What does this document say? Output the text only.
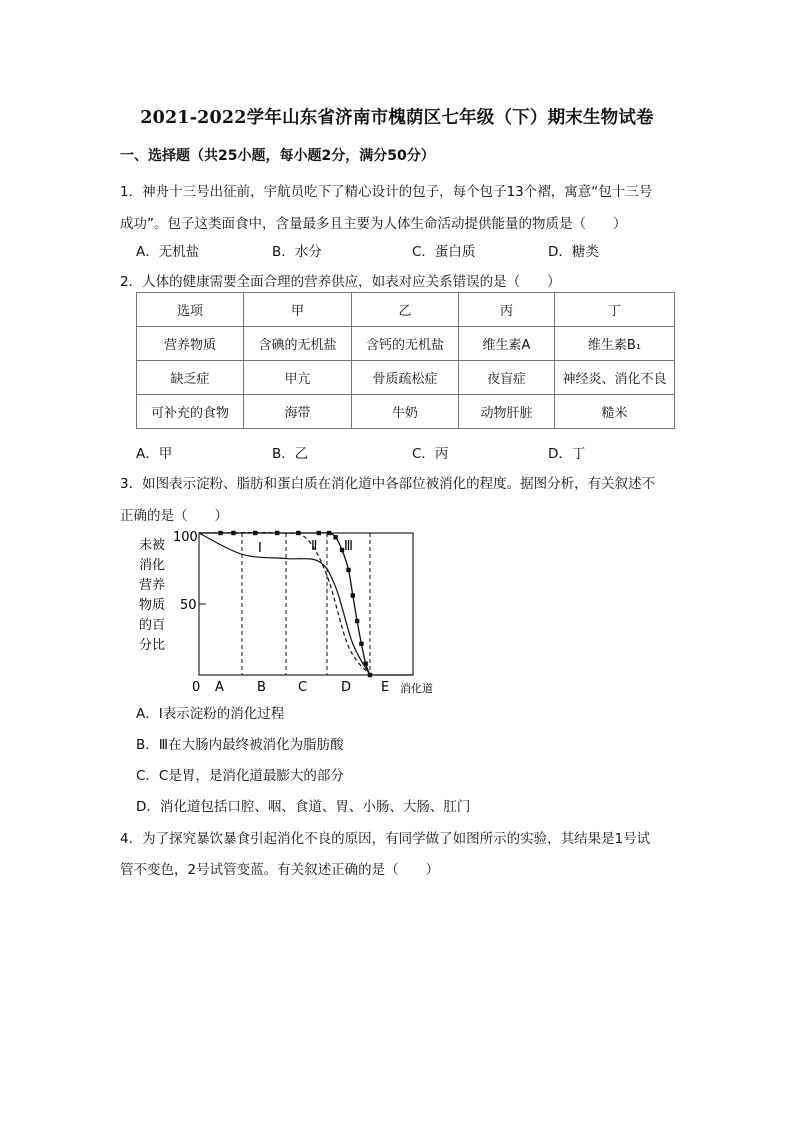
2021-2022学年山东省济南市槐荫区七年级（下）期末生物试卷
一、选择题（共25小题，每小题2分，满分50分）
1．神舟十三号出征前，宇航员吃下了精心设计的包子，每个包子13个褶，寓意“包十三号
成功”。包子这类面食中，含量最多且主要为人体生命活动提供能量的物质是（　　）
A．无机盐	B．水分	C．蛋白质	D．糖类
2．人体的健康需要全面合理的营养供应，如表对应关系错误的是（　　）
选项	甲	乙	丙	丁
营养物质	含碘的无机盐	含钙的无机盐	维生素A	维生素B₁
缺乏症	甲亢	骨质疏松症	夜盲症	神经炎、消化不良
可补充的食物	海带	牛奶	动物肝脏	糙米
A．甲	B．乙	C．丙	D．丁
3．如图表示淀粉、脂肪和蛋白质在消化道中各部位被消化的程度。据图分析，有关叙述不
正确的是（　　）
未被
消化
营养
物质
的百
分比
100
50
Ⅰ	Ⅱ Ⅲ
0 A	B C	D E 消化道
A．Ⅰ表示淀粉的消化过程
B．Ⅲ在大肠内最终被消化为脂肪酸
C．C是胃，是消化道最膨大的部分
D．消化道包括口腔、咽、食道、胃、小肠、大肠、肛门
4．为了探究暴饮暴食引起消化不良的原因，有同学做了如图所示的实验，其结果是1号试
管不变色，2号试管变蓝。有关叙述正确的是（　　）
